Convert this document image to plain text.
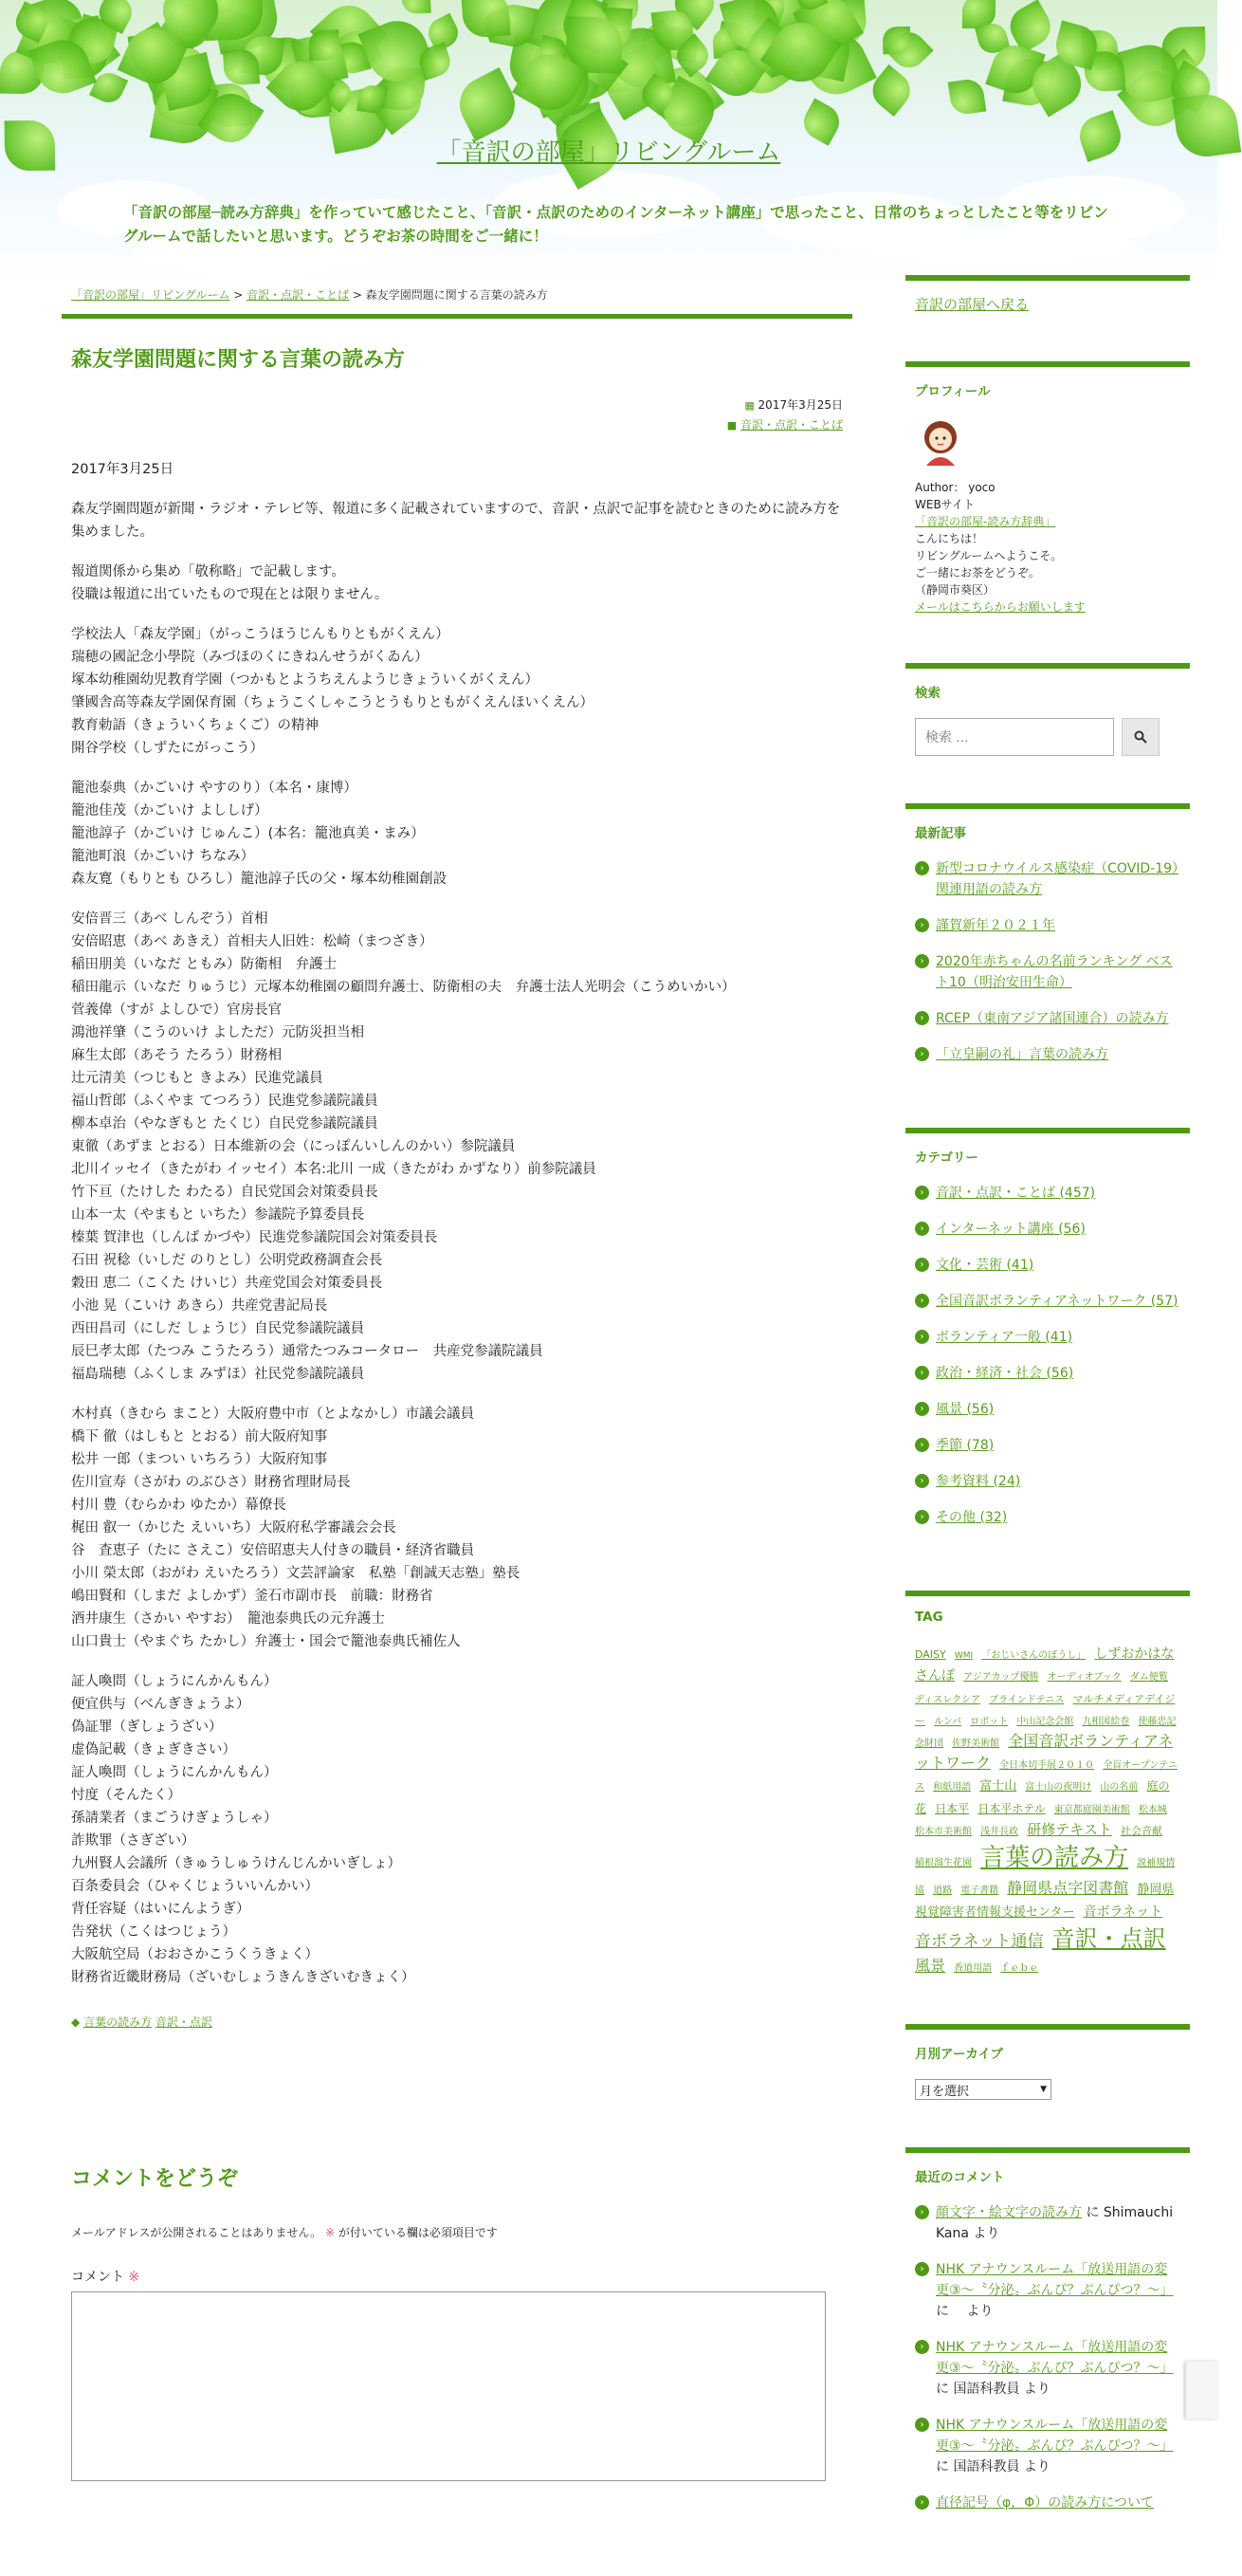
「音訳の部屋」リビングルーム
「音訳の部屋─読み方辞典」を作っていて感じたこと、「音訳・点訳のためのインターネット講座」で思ったこと、日常のちょっとしたこと等をリビングルームで話したいと思います。どうぞお茶の時間をご一緒に！
「音訳の部屋」リビングルーム > 音訳・点訳・ことば > 森友学園問題に関する言葉の読み方
森友学園問題に関する言葉の読み方
▦ 2017年3月25日
■ 音訳・点訳・ことば

2017年3月25日

森友学園問題が新聞・ラジオ・テレビ等、報道に多く記載されていますので、音訳・点訳で記事を読むときのために読み方を集めました。

報道関係から集め「敬称略」で記載します。
役職は報道に出ていたもので現在とは限りません。

学校法人「森友学園」（がっこうほうじんもりともがくえん）
瑞穂の國記念小學院（みづほのくにきねんせうがくゐん）
塚本幼稚園幼児教育学園（つかもとようちえんようじきょういくがくえん）
肇國舎高等森友学園保育園（ちょうこくしゃこうとうもりともがくえんほいくえん）
教育勅語（きょういくちょくご）の精神
開谷学校（しずたにがっこう）

籠池泰典（かごいけ やすのり）（本名・康博）
籠池佳茂（かごいけ よししげ）
籠池諄子（かごいけ じゅんこ）(本名：籠池真美・まみ）
籠池町浪（かごいけ ちなみ）
森友寛（もりとも ひろし）籠池諄子氏の父・塚本幼稚園創設

安倍晋三（あべ しんぞう）首相
安倍昭恵（あべ あきえ）首相夫人旧姓：松崎（まつざき）
稲田朋美（いなだ ともみ）防衛相　弁護士
稲田龍示（いなだ りゅうじ）元塚本幼稚園の顧問弁護士、防衛相の夫　弁護士法人光明会（こうめいかい）
菅義偉（すが よしひで）官房長官
鴻池祥肇（こうのいけ よしただ）元防災担当相
麻生太郎（あそう たろう）財務相
辻元清美（つじもと きよみ）民進党議員
福山哲郎（ふくやま てつろう）民進党参議院議員
柳本卓治（やなぎもと たくじ）自民党参議院議員
東徹（あずま とおる）日本維新の会（にっぽんいしんのかい）参院議員
北川イッセイ（きたがわ イッセイ）本名:北川 一成（きたがわ かずなり）前参院議員
竹下亘（たけした わたる）自民党国会対策委員長
山本一太（やまもと いちた）参議院予算委員長
榛葉 賀津也（しんば かづや）民進党参議院国会対策委員長
石田 祝稔（いしだ のりとし）公明党政務調査会長
穀田 恵二（こくた けいじ）共産党国会対策委員長
小池 晃（こいけ あきら）共産党書記局長
西田昌司（にしだ しょうじ）自民党参議院議員
辰巳孝太郎（たつみ こうたろう）通常たつみコータロー　共産党参議院議員
福島瑞穂（ふくしま みずほ）社民党参議院議員

木村真（きむら まこと）大阪府豊中市（とよなかし）市議会議員
橋下 徹（はしもと とおる）前大阪府知事
松井 一郎（まつい いちろう）大阪府知事
佐川宣寿（さがわ のぶひさ）財務省理財局長
村川 豊（むらかわ ゆたか）幕僚長
梶田 叡一（かじた えいいち）大阪府私学審議会会長
谷　査恵子（たに さえこ）安倍昭恵夫人付きの職員・経済省職員
小川 榮太郎（おがわ えいたろう）文芸評論家　私塾「創誠天志塾」塾長
嶋田賢和（しまだ よしかず）釜石市副市長　前職：財務省
酒井康生（さかい やすお）　籠池泰典氏の元弁護士
山口貴士（やまぐち たかし）弁護士・国会で籠池泰典氏補佐人

証人喚問（しょうにんかんもん）
便宜供与（べんぎきょうよ）
偽証罪（ぎしょうざい）
虚偽記載（きょぎきさい）
証人喚問（しょうにんかんもん）
忖度（そんたく）
孫請業者（まごうけぎょうしゃ）
詐欺罪（さぎざい）
九州賢人会議所（きゅうしゅうけんじんかいぎしょ）
百条委員会（ひゃくじょういいんかい）
背任容疑（はいにんようぎ）
告発状（こくはつじょう）
大阪航空局（おおさかこうくうきょく）
財務省近畿財務局（ざいむしょうきんきざいむきょく）

◆ 言葉の読み方 音訳・点訳
コメントをどうぞ
メールアドレスが公開されることはありません。 ※ が付いている欄は必須項目です
コメント ※
音訳の部屋へ戻る
プロフィール
Author： yoco
WEBサイト
「音訳の部屋-読み方辞典」
こんにちは！
リビングルームへようこそ。
ご一緒にお茶をどうぞ。
（静岡市葵区）
メールはこちらからお願いします
検索
検索 …
最新記事
› 新型コロナウイルス感染症（COVID-19）関連用語の読み方
› 謹賀新年２０２１年
› 2020年赤ちゃんの名前ランキング ベスト10（明治安田生命）
› RCEP（東南アジア諸国連合）の読み方
› 「立皇嗣の礼」言葉の読み方
カテゴリー
› 音訳・点訳・ことば (457)
› インターネット講座 (56)
› 文化・芸術 (41)
› 全国音訳ボランティアネットワーク (57)
› ボランティア一般 (41)
› 政治・経済・社会 (56)
› 風景 (56)
› 季節 (78)
› 参考資料 (24)
› その他 (32)
TAG
DAISY WMI 「おじいさんのぼうし」 しずおかはなさんぽ アジアカップ優勝 オーディオブック ダム便覧 ディスレクシア ブラインドテニス マルチメディアデイジー ルンバ ロボット 中山記念会館 九相図絵巻 使藤忠記念財団 佐野美術館 全国音訳ボランティアネットワーク 全日本切手展２０１０ 全盲オープンテニス 和紙用語 富士山 富士山の夜明け 山の名前 庭の花 日本平 日本平ホテル 東京都庭園美術館 松本城 松本市美術館 浅井長政 研修テキスト 社会音献 稲根溜生花園 言葉の読み方 説補規情協 道路 電子書籍 静岡県点字図書館 静岡県視覚障害者情報支援センター 音ボラネット 音ボラネット通信 音訳・点訳 風景 香道用語 ｆｅｂｅ
月別アーカイブ
月を選択	▼
最近のコメント
› 顔文字・絵文字の読み方 に Shimauchi Kana より
› NHK アナウンスルーム「放送用語の変更③～〝分泌〟ぶんぴ？ぶんぴつ？～」 に 　より
› NHK アナウンスルーム「放送用語の変更③～〝分泌〟ぶんぴ？ぶんぴつ？～」 に 国語科教員 より
› NHK アナウンスルーム「放送用語の変更③～〝分泌〟ぶんぴ？ぶんぴつ？～」 に 国語科教員 より
› 直径記号（φ，Φ）の読み方について
